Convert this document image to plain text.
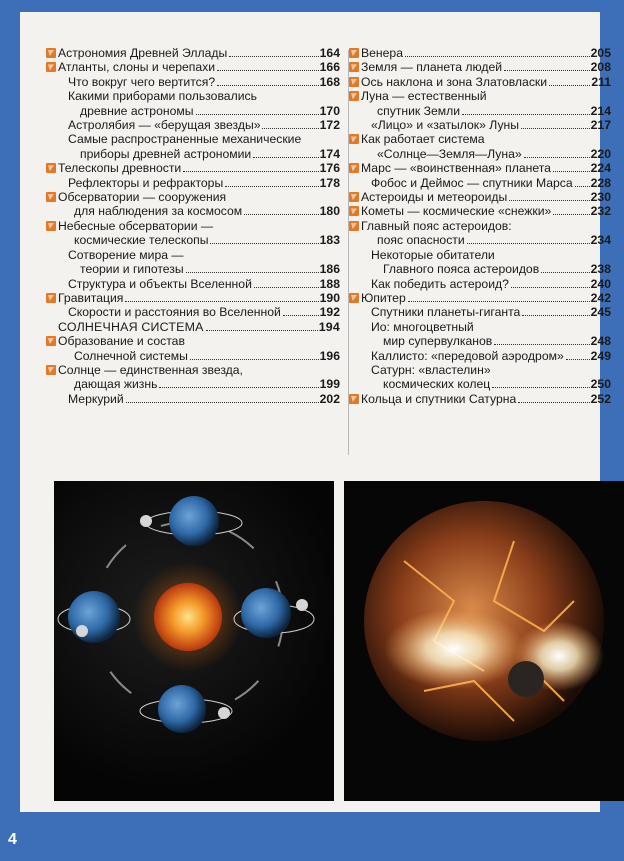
Астрономия Древней Эллады	164
Атланты, слоны и черепахи	166
Что вокруг чего вертится?	168
Какими приборами пользовались
древние астрономы	170
Астролябия — «берущая звезды»	172
Самые распространенные механические
приборы древней астрономии	174
Телескопы древности	176
Рефлекторы и рефракторы	178
Обсерватории — сооружения
для наблюдения за космосом	180
Небесные обсерватории —
космические телескопы	183
Сотворение мира —
теории и гипотезы	186
Структура и объекты Вселенной	188
Гравитация	190
Скорости и расстояния во Вселенной	192
СОЛНЕЧНАЯ СИСТЕМА	194
Образование и состав
Солнечной системы	196
Солнце — единственная звезда,
дающая жизнь	199
Меркурий	202
Венера	205
Земля — планета людей	208
Ось наклона и зона Златовласки	211
Луна — естественный
спутник Земли	214
«Лицо» и «затылок» Луны	217
Как работает система
«Солнце—Земля—Луна»	220
Марс — «воинственная» планета	224
Фобос и Деймос — спутники Марса 228
Астероиды и метеороиды	230
Кометы — космические «снежки»	232
Главный пояс астероидов:
пояс опасности	234
Некоторые обитатели
Главного пояса астероидов	238
Как победить астероид?	240
Юпитер	242
Спутники планеты-гиганта	245
Ио: многоцветный
мир супервулканов	248
Каллисто: «передовой аэродром» 249
Сатурн: «властелин»
космических колец	250
Кольца и спутники Сатурна	252
4
